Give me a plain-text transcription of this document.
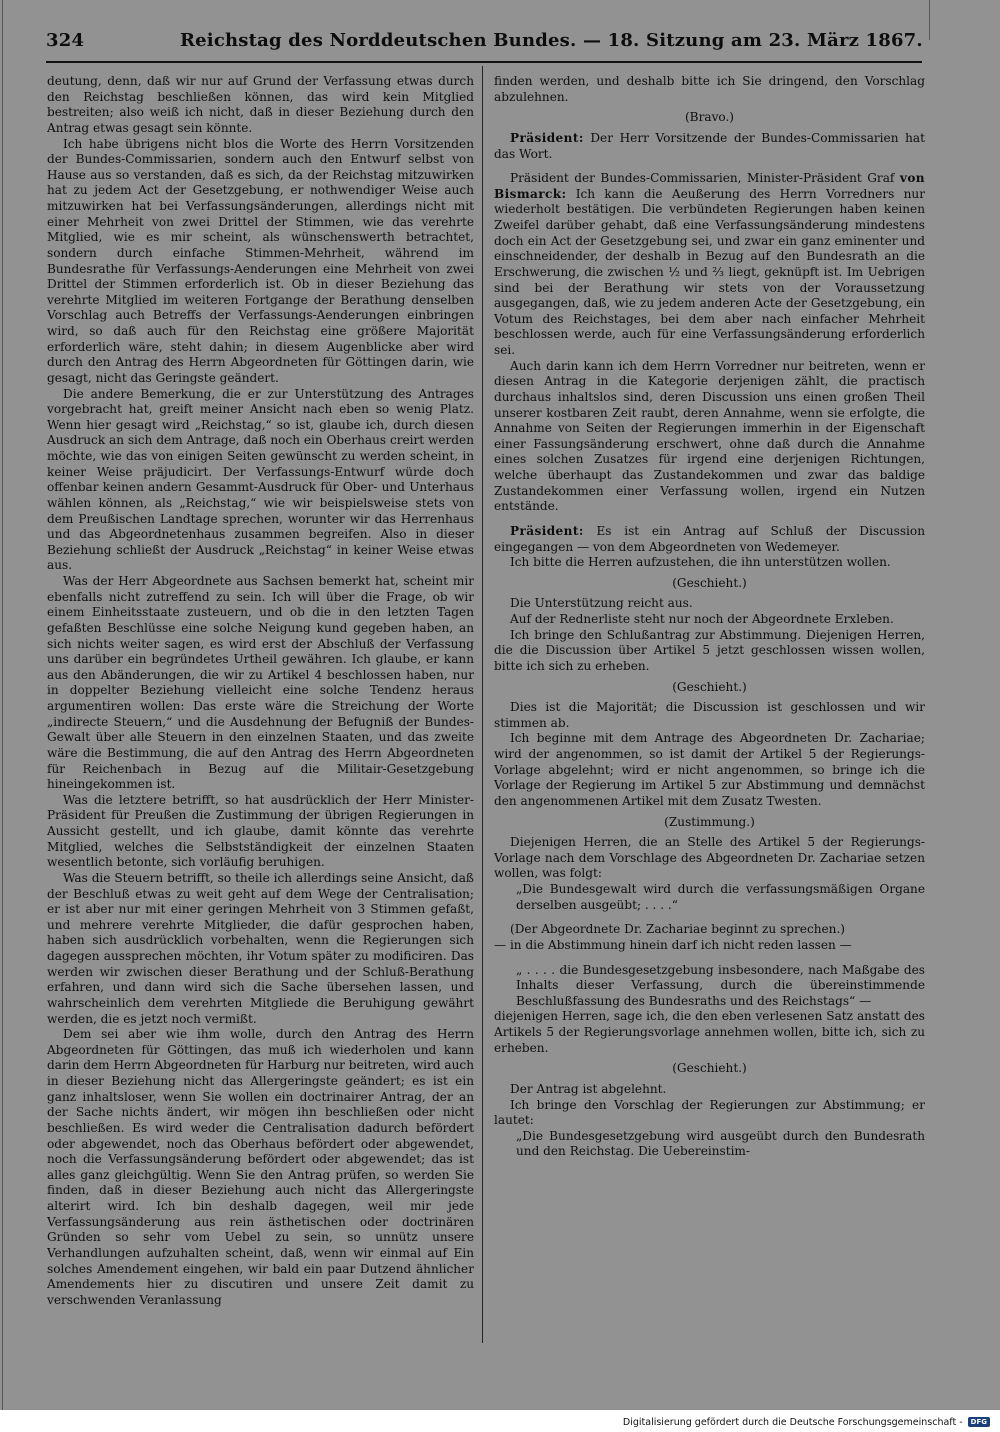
324	Reichstag des Norddeutschen Bundes. — 18. Sitzung am 23. März 1867.

deutung, denn, daß wir nur auf Grund der Verfassung etwas durch den Reichstag beschließen können, das wird kein Mitglied bestreiten; also weiß ich nicht, daß in dieser Beziehung durch den Antrag etwas gesagt sein könnte.

Ich habe übrigens nicht blos die Worte des Herrn Vorsitzenden der Bundes-Commissarien, sondern auch den Entwurf selbst von Hause aus so verstanden, daß es sich, da der Reichstag mitzuwirken hat zu jedem Act der Gesetzgebung, er nothwendiger Weise auch mitzuwirken hat bei Verfassungsänderungen, allerdings nicht mit einer Mehrheit von zwei Drittel der Stimmen, wie das verehrte Mitglied, wie es mir scheint, als wünschenswerth betrachtet, sondern durch einfache Stimmen-Mehrheit, während im Bundesrathe für Verfassungs-Aenderungen eine Mehrheit von zwei Drittel der Stimmen erforderlich ist. Ob in dieser Beziehung das verehrte Mitglied im weiteren Fortgange der Berathung denselben Vorschlag auch Betreffs der Verfassungs-Aenderungen einbringen wird, so daß auch für den Reichstag eine größere Majorität erforderlich wäre, steht dahin; in diesem Augenblicke aber wird durch den Antrag des Herrn Abgeordneten für Göttingen darin, wie gesagt, nicht das Geringste geändert.

Die andere Bemerkung, die er zur Unterstützung des Antrages vorgebracht hat, greift meiner Ansicht nach eben so wenig Platz. Wenn hier gesagt wird „Reichstag,“ so ist, glaube ich, durch diesen Ausdruck an sich dem Antrage, daß noch ein Oberhaus creirt werden möchte, wie das von einigen Seiten gewünscht zu werden scheint, in keiner Weise präjudicirt. Der Verfassungs-Entwurf würde doch offenbar keinen andern Gesammt-Ausdruck für Ober- und Unterhaus wählen können, als „Reichstag,“ wie wir beispielsweise stets von dem Preußischen Landtage sprechen, worunter wir das Herrenhaus und das Abgeordnetenhaus zusammen begreifen. Also in dieser Beziehung schließt der Ausdruck „Reichstag“ in keiner Weise etwas aus.

Was der Herr Abgeordnete aus Sachsen bemerkt hat, scheint mir ebenfalls nicht zutreffend zu sein. Ich will über die Frage, ob wir einem Einheitsstaate zusteuern, und ob die in den letzten Tagen gefaßten Beschlüsse eine solche Neigung kund gegeben haben, an sich nichts weiter sagen, es wird erst der Abschluß der Verfassung uns darüber ein begründetes Urtheil gewähren. Ich glaube, er kann aus den Abänderungen, die wir zu Artikel 4 beschlossen haben, nur in doppelter Beziehung vielleicht eine solche Tendenz heraus argumentiren wollen: Das erste wäre die Streichung der Worte „indirecte Steuern,“ und die Ausdehnung der Befugniß der Bundes-Gewalt über alle Steuern in den einzelnen Staaten, und das zweite wäre die Bestimmung, die auf den Antrag des Herrn Abgeordneten für Reichenbach in Bezug auf die Militair-Gesetzgebung hineingekommen ist.

Was die letztere betrifft, so hat ausdrücklich der Herr Minister-Präsident für Preußen die Zustimmung der übrigen Regierungen in Aussicht gestellt, und ich glaube, damit könnte das verehrte Mitglied, welches die Selbstständigkeit der einzelnen Staaten wesentlich betonte, sich vorläufig beruhigen.

Was die Steuern betrifft, so theile ich allerdings seine Ansicht, daß der Beschluß etwas zu weit geht auf dem Wege der Centralisation; er ist aber nur mit einer geringen Mehrheit von 3 Stimmen gefaßt, und mehrere verehrte Mitglieder, die dafür gesprochen haben, haben sich ausdrücklich vorbehalten, wenn die Regierungen sich dagegen aussprechen möchten, ihr Votum später zu modificiren. Das werden wir zwischen dieser Berathung und der Schluß-Berathung erfahren, und dann wird sich die Sache übersehen lassen, und wahrscheinlich dem verehrten Mitgliede die Beruhigung gewährt werden, die es jetzt noch vermißt.

Dem sei aber wie ihm wolle, durch den Antrag des Herrn Abgeordneten für Göttingen, das muß ich wiederholen und kann darin dem Herrn Abgeordneten für Harburg nur beitreten, wird auch in dieser Beziehung nicht das Allergeringste geändert; es ist ein ganz inhaltsloser, wenn Sie wollen ein doctrinairer Antrag, der an der Sache nichts ändert, wir mögen ihn beschließen oder nicht beschließen. Es wird weder die Centralisation dadurch befördert oder abgewendet, noch das Oberhaus befördert oder abgewendet, noch die Verfassungsänderung befördert oder abgewendet; das ist alles ganz gleichgültig. Wenn Sie den Antrag prüfen, so werden Sie finden, daß in dieser Beziehung auch nicht das Allergeringste alterirt wird. Ich bin deshalb dagegen, weil mir jede Verfassungsänderung aus rein ästhetischen oder doctrinären Gründen so sehr vom Uebel zu sein, so unnütz unsere Verhandlungen aufzuhalten scheint, daß, wenn wir einmal auf Ein solches Amendement eingehen, wir bald ein paar Dutzend ähnlicher Amendements hier zu discutiren und unsere Zeit damit zu verschwenden Veranlassung

finden werden, und deshalb bitte ich Sie dringend, den Vorschlag abzulehnen.

(Bravo.)

Präsident: Der Herr Vorsitzende der Bundes-Commissarien hat das Wort.

Präsident der Bundes-Commissarien, Minister-Präsident Graf von Bismarck: Ich kann die Aeußerung des Herrn Vorredners nur wiederholt bestätigen. Die verbündeten Regierungen haben keinen Zweifel darüber gehabt, daß eine Verfassungsänderung mindestens doch ein Act der Gesetzgebung sei, und zwar ein ganz eminenter und einschneidender, der deshalb in Bezug auf den Bundesrath an die Erschwerung, die zwischen ½ und ⅔ liegt, geknüpft ist. Im Uebrigen sind bei der Berathung wir stets von der Voraussetzung ausgegangen, daß, wie zu jedem anderen Acte der Gesetzgebung, ein Votum des Reichstages, bei dem aber nach einfacher Mehrheit beschlossen werde, auch für eine Verfassungsänderung erforderlich sei.

Auch darin kann ich dem Herrn Vorredner nur beitreten, wenn er diesen Antrag in die Kategorie derjenigen zählt, die practisch durchaus inhaltslos sind, deren Discussion uns einen großen Theil unserer kostbaren Zeit raubt, deren Annahme, wenn sie erfolgte, die Annahme von Seiten der Regierungen immerhin in der Eigenschaft einer Fassungsänderung erschwert, ohne daß durch die Annahme eines solchen Zusatzes für irgend eine derjenigen Richtungen, welche überhaupt das Zustandekommen und zwar das baldige Zustandekommen einer Verfassung wollen, irgend ein Nutzen entstände.

Präsident: Es ist ein Antrag auf Schluß der Discussion eingegangen — von dem Abgeordneten von Wedemeyer.

Ich bitte die Herren aufzustehen, die ihn unterstützen wollen.

(Geschieht.)

Die Unterstützung reicht aus.

Auf der Rednerliste steht nur noch der Abgeordnete Erxleben.

Ich bringe den Schlußantrag zur Abstimmung. Diejenigen Herren, die die Discussion über Artikel 5 jetzt geschlossen wissen wollen, bitte ich sich zu erheben.

(Geschieht.)

Dies ist die Majorität; die Discussion ist geschlossen und wir stimmen ab.

Ich beginne mit dem Antrage des Abgeordneten Dr. Zachariae; wird der angenommen, so ist damit der Artikel 5 der Regierungs-Vorlage abgelehnt; wird er nicht angenommen, so bringe ich die Vorlage der Regierung im Artikel 5 zur Abstimmung und demnächst den angenommenen Artikel mit dem Zusatz Twesten.

(Zustimmung.)

Diejenigen Herren, die an Stelle des Artikel 5 der Regierungs-Vorlage nach dem Vorschlage des Abgeordneten Dr. Zachariae setzen wollen, was folgt:

„Die Bundesgewalt wird durch die verfassungsmäßigen Organe derselben ausgeübt; . . . .“

(Der Abgeordnete Dr. Zachariae beginnt zu sprechen.)

— in die Abstimmung hinein darf ich nicht reden lassen —

„ . . . . die Bundesgesetzgebung insbesondere, nach Maßgabe des Inhalts dieser Verfassung, durch die übereinstimmende Beschlußfassung des Bundesraths und des Reichstags“ —

diejenigen Herren, sage ich, die den eben verlesenen Satz anstatt des Artikels 5 der Regierungsvorlage annehmen wollen, bitte ich, sich zu erheben.

(Geschieht.)

Der Antrag ist abgelehnt.

Ich bringe den Vorschlag der Regierungen zur Abstimmung; er lautet:

„Die Bundesgesetzgebung wird ausgeübt durch den Bundesrath und den Reichstag. Die Uebereinstim-

Digitalisierung gefördert durch die Deutsche Forschungsgemeinschaft -	DFG
